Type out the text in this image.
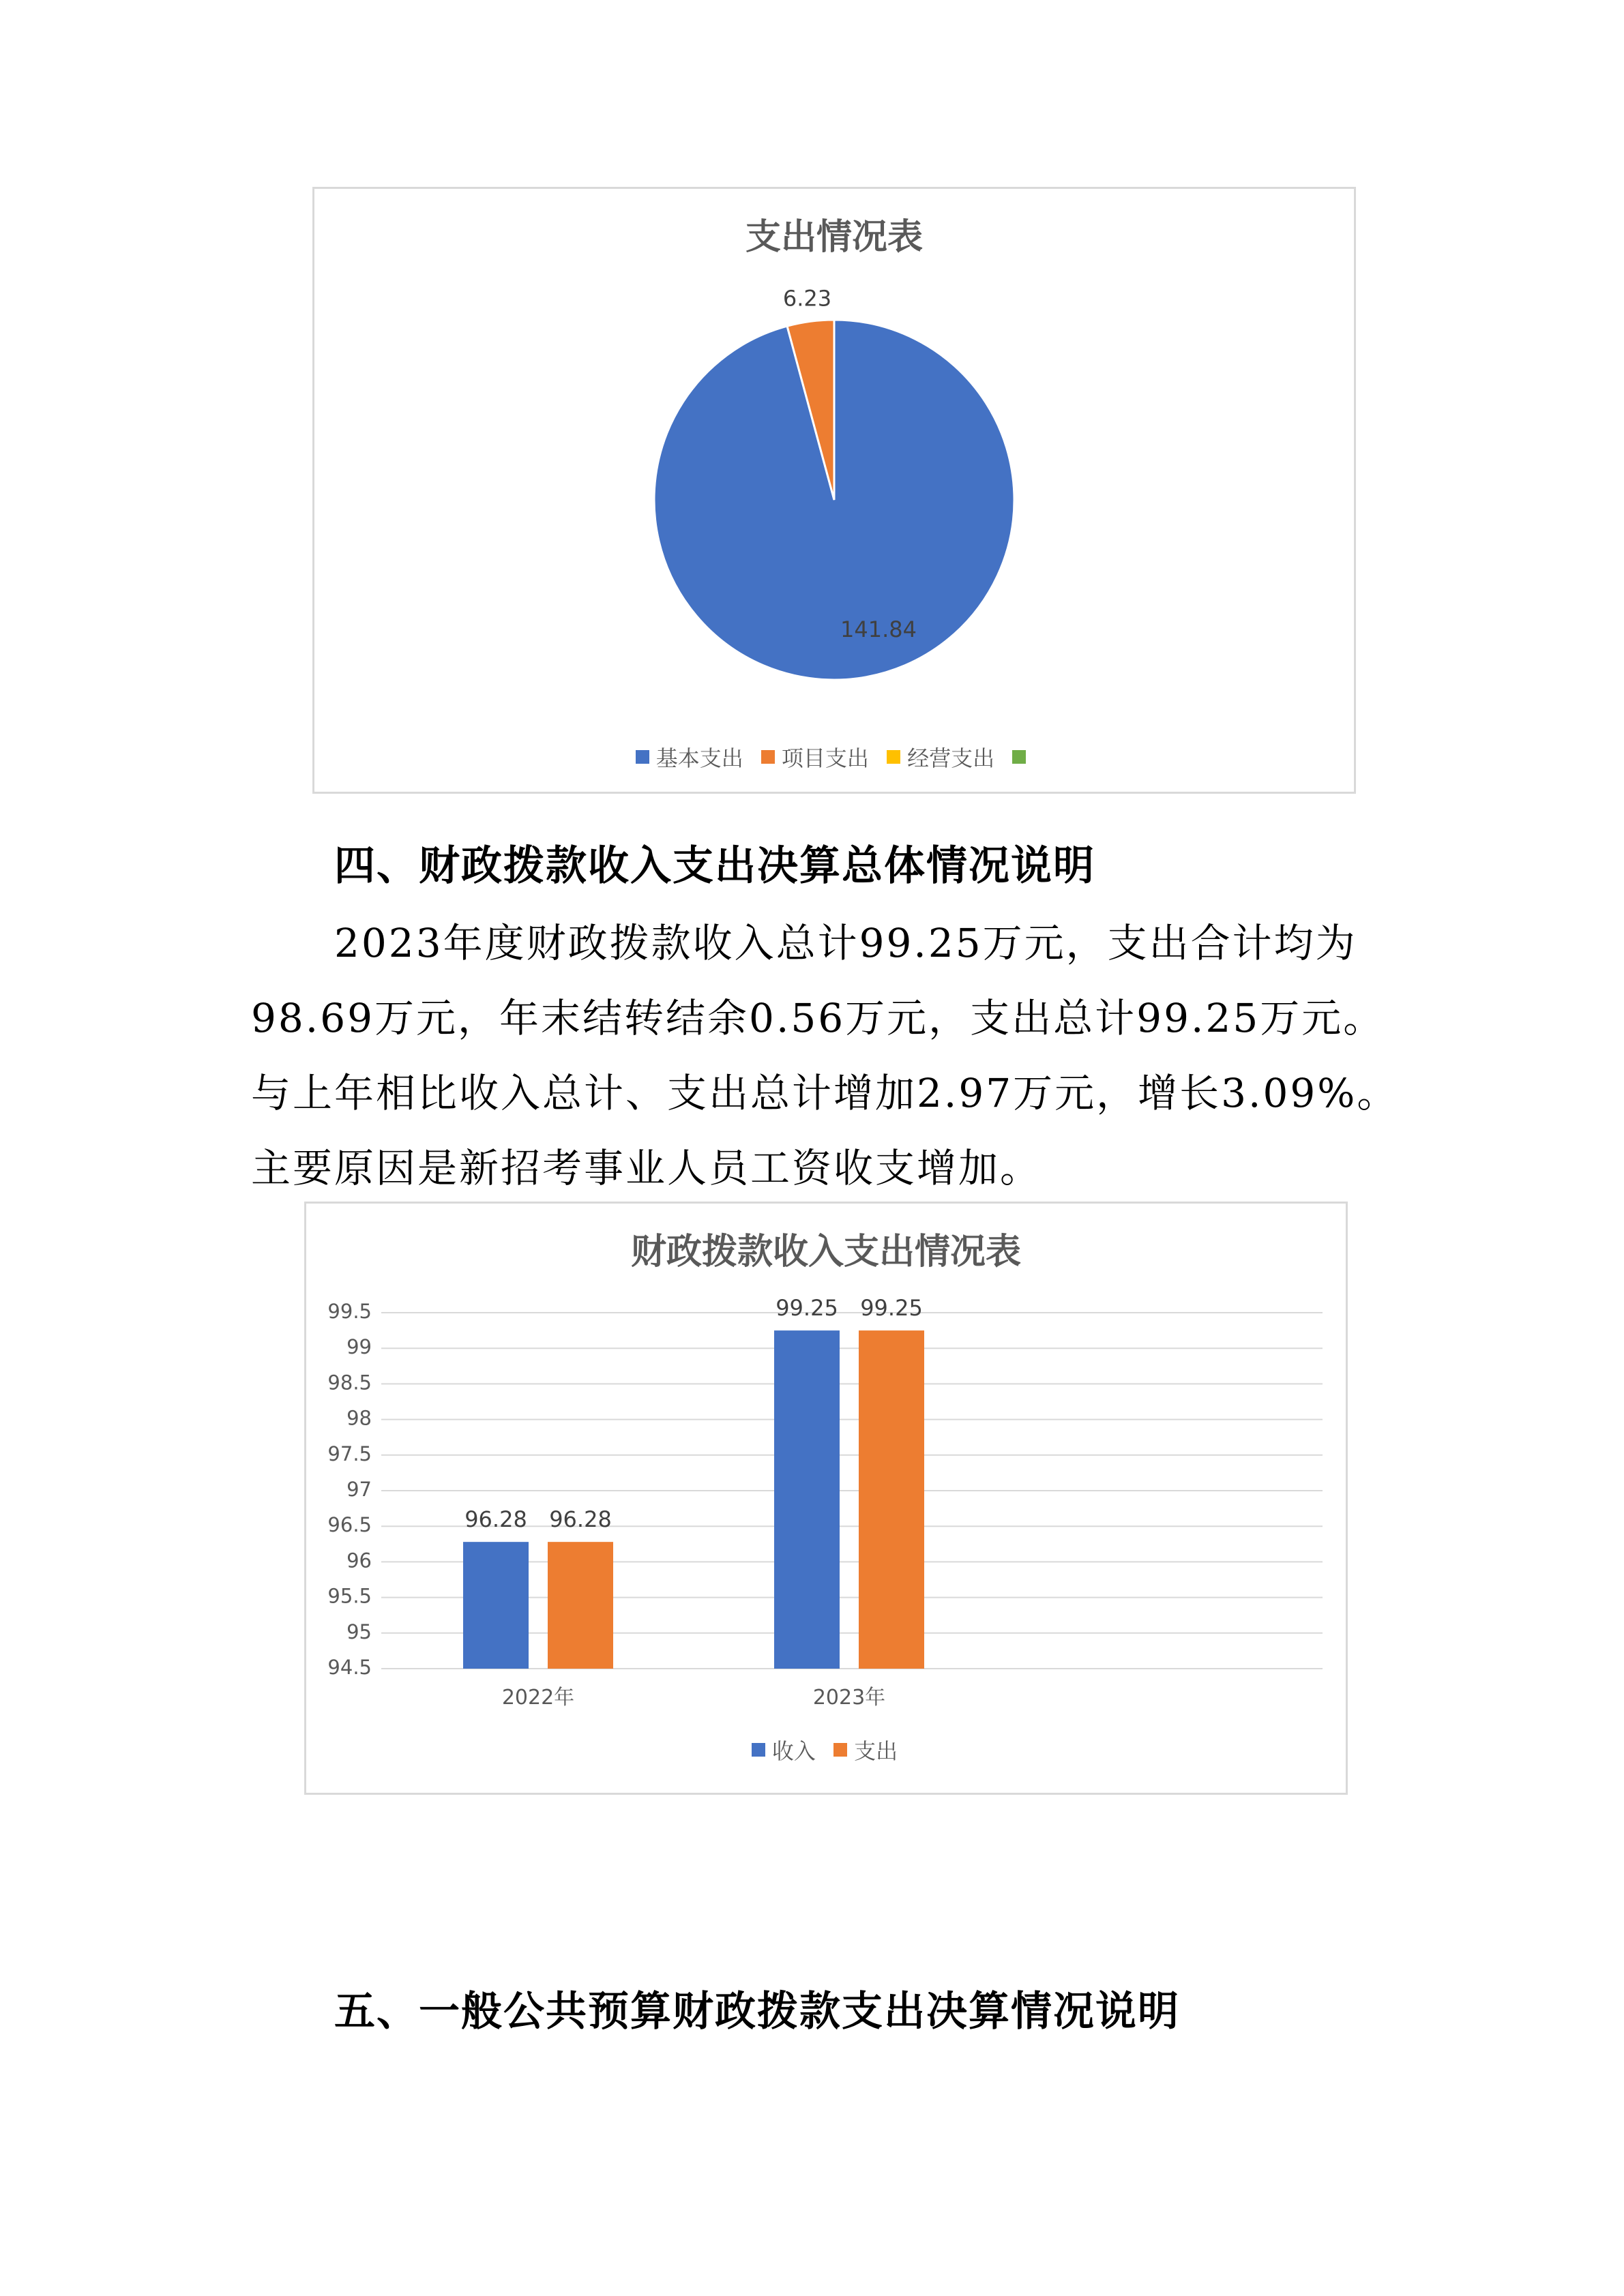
支出情况表
141.84
6.23
基本支出
项目支出
经营支出

四、财政拨款收入支出决算总体情况说明
2023年度财政拨款收入总计99.25万元，支出合计均为
98.69万元，年末结转结余0.56万元，支出总计99.25万元。
与上年相比收入总计、支出总计增加2.97万元，增长3.09%。
主要原因是新招考事业人员工资收支增加。
财政拨款收入支出情况表
94.5
95
95.5
96
96.5
97
97.5
98
98.5
99
99.5
96.28 96.28
2022年
99.25 99.25
2023年
收入
支出
五、一般公共预算财政拨款支出决算情况说明
